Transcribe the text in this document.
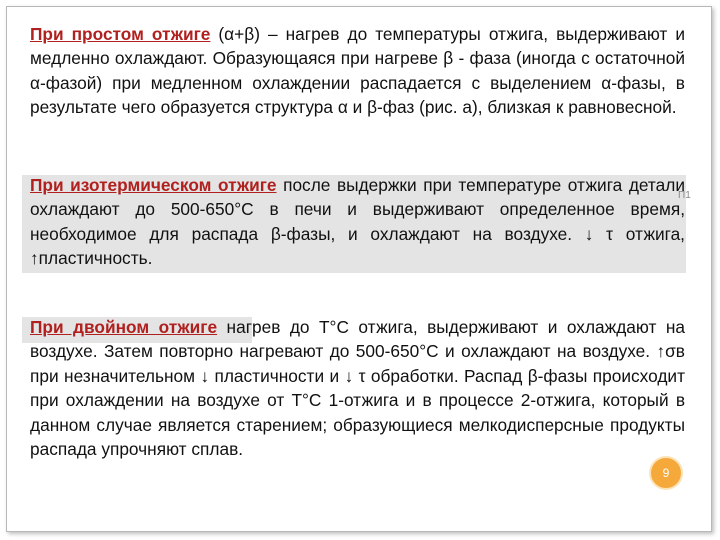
При простом отжиге (α+β) – нагрев до температуры отжига, выдерживают и медленно охлаждают. Образующаяся при нагреве β - фаза (иногда с остаточной α-фазой) при медленном охлаждении распадается с выделением α-фазы, в результате чего образуется структура α и β-фаз (рис. а), близкая к равновесной.
При изотермическом отжиге после выдержки при температуре отжига детали охлаждают до 500-650°С в печи и выдерживают определенное время, необходимое для распада β-фазы, и охлаждают на воздухе. ↓ τ отжига, ↑пластичность.
При двойном отжиге нагрев до Т°С отжига, выдерживают и охлаждают на воздухе. Затем повторно нагревают до 500-650°С и охлаждают на воздухе. ↑σв при незначительном ↓ пластичности и ↓ τ обработки. Распад β-фазы происходит при охлаждении на воздухе от Т°С 1-отжига и в процессе 2-отжига, который в данном случае является старением; образующиеся мелкодисперсные продукты распада упрочняют сплав.
П1
9
